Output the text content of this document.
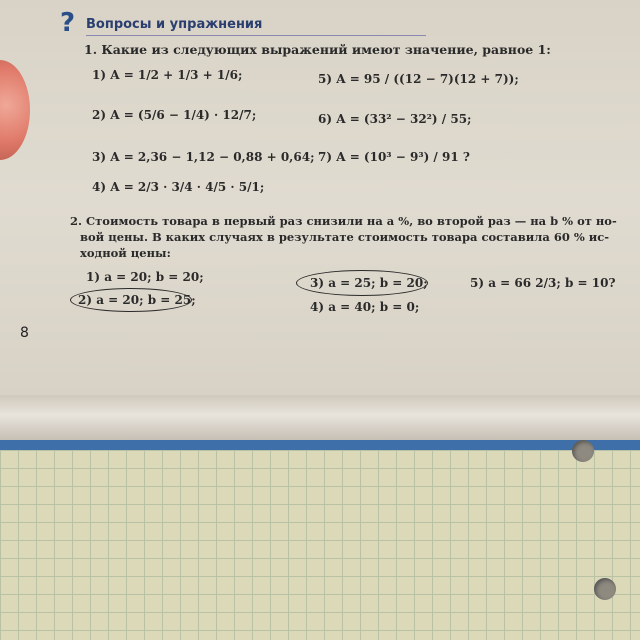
? Вопросы и упражнения
1. Какие из следующих выражений имеют значение, равное 1:
1) A = 1/2 + 1/3 + 1/6;
2) A = (5/6 − 1/4) · 12/7;
3) A = 2,36 − 1,12 − 0,88 + 0,64;
4) A = 2/3 · 3/4 · 4/5 · 5/1;
5) A = 95 / ((12 − 7)(12 + 7));
6) A = (33² − 32²) / 55;
7) A = (10³ − 9³) / 91 ?
2. Стоимость товара в первый раз снизили на a %, во второй раз — на b % от но-
вой цены. В каких случаях в результате стоимость товара составила 60 % ис-
ходной цены:
1) a = 20; b = 20;
2) a = 20; b = 25;
3) a = 25; b = 20;
4) a = 40; b = 0;
5) a = 66 2/3; b = 10?
8
